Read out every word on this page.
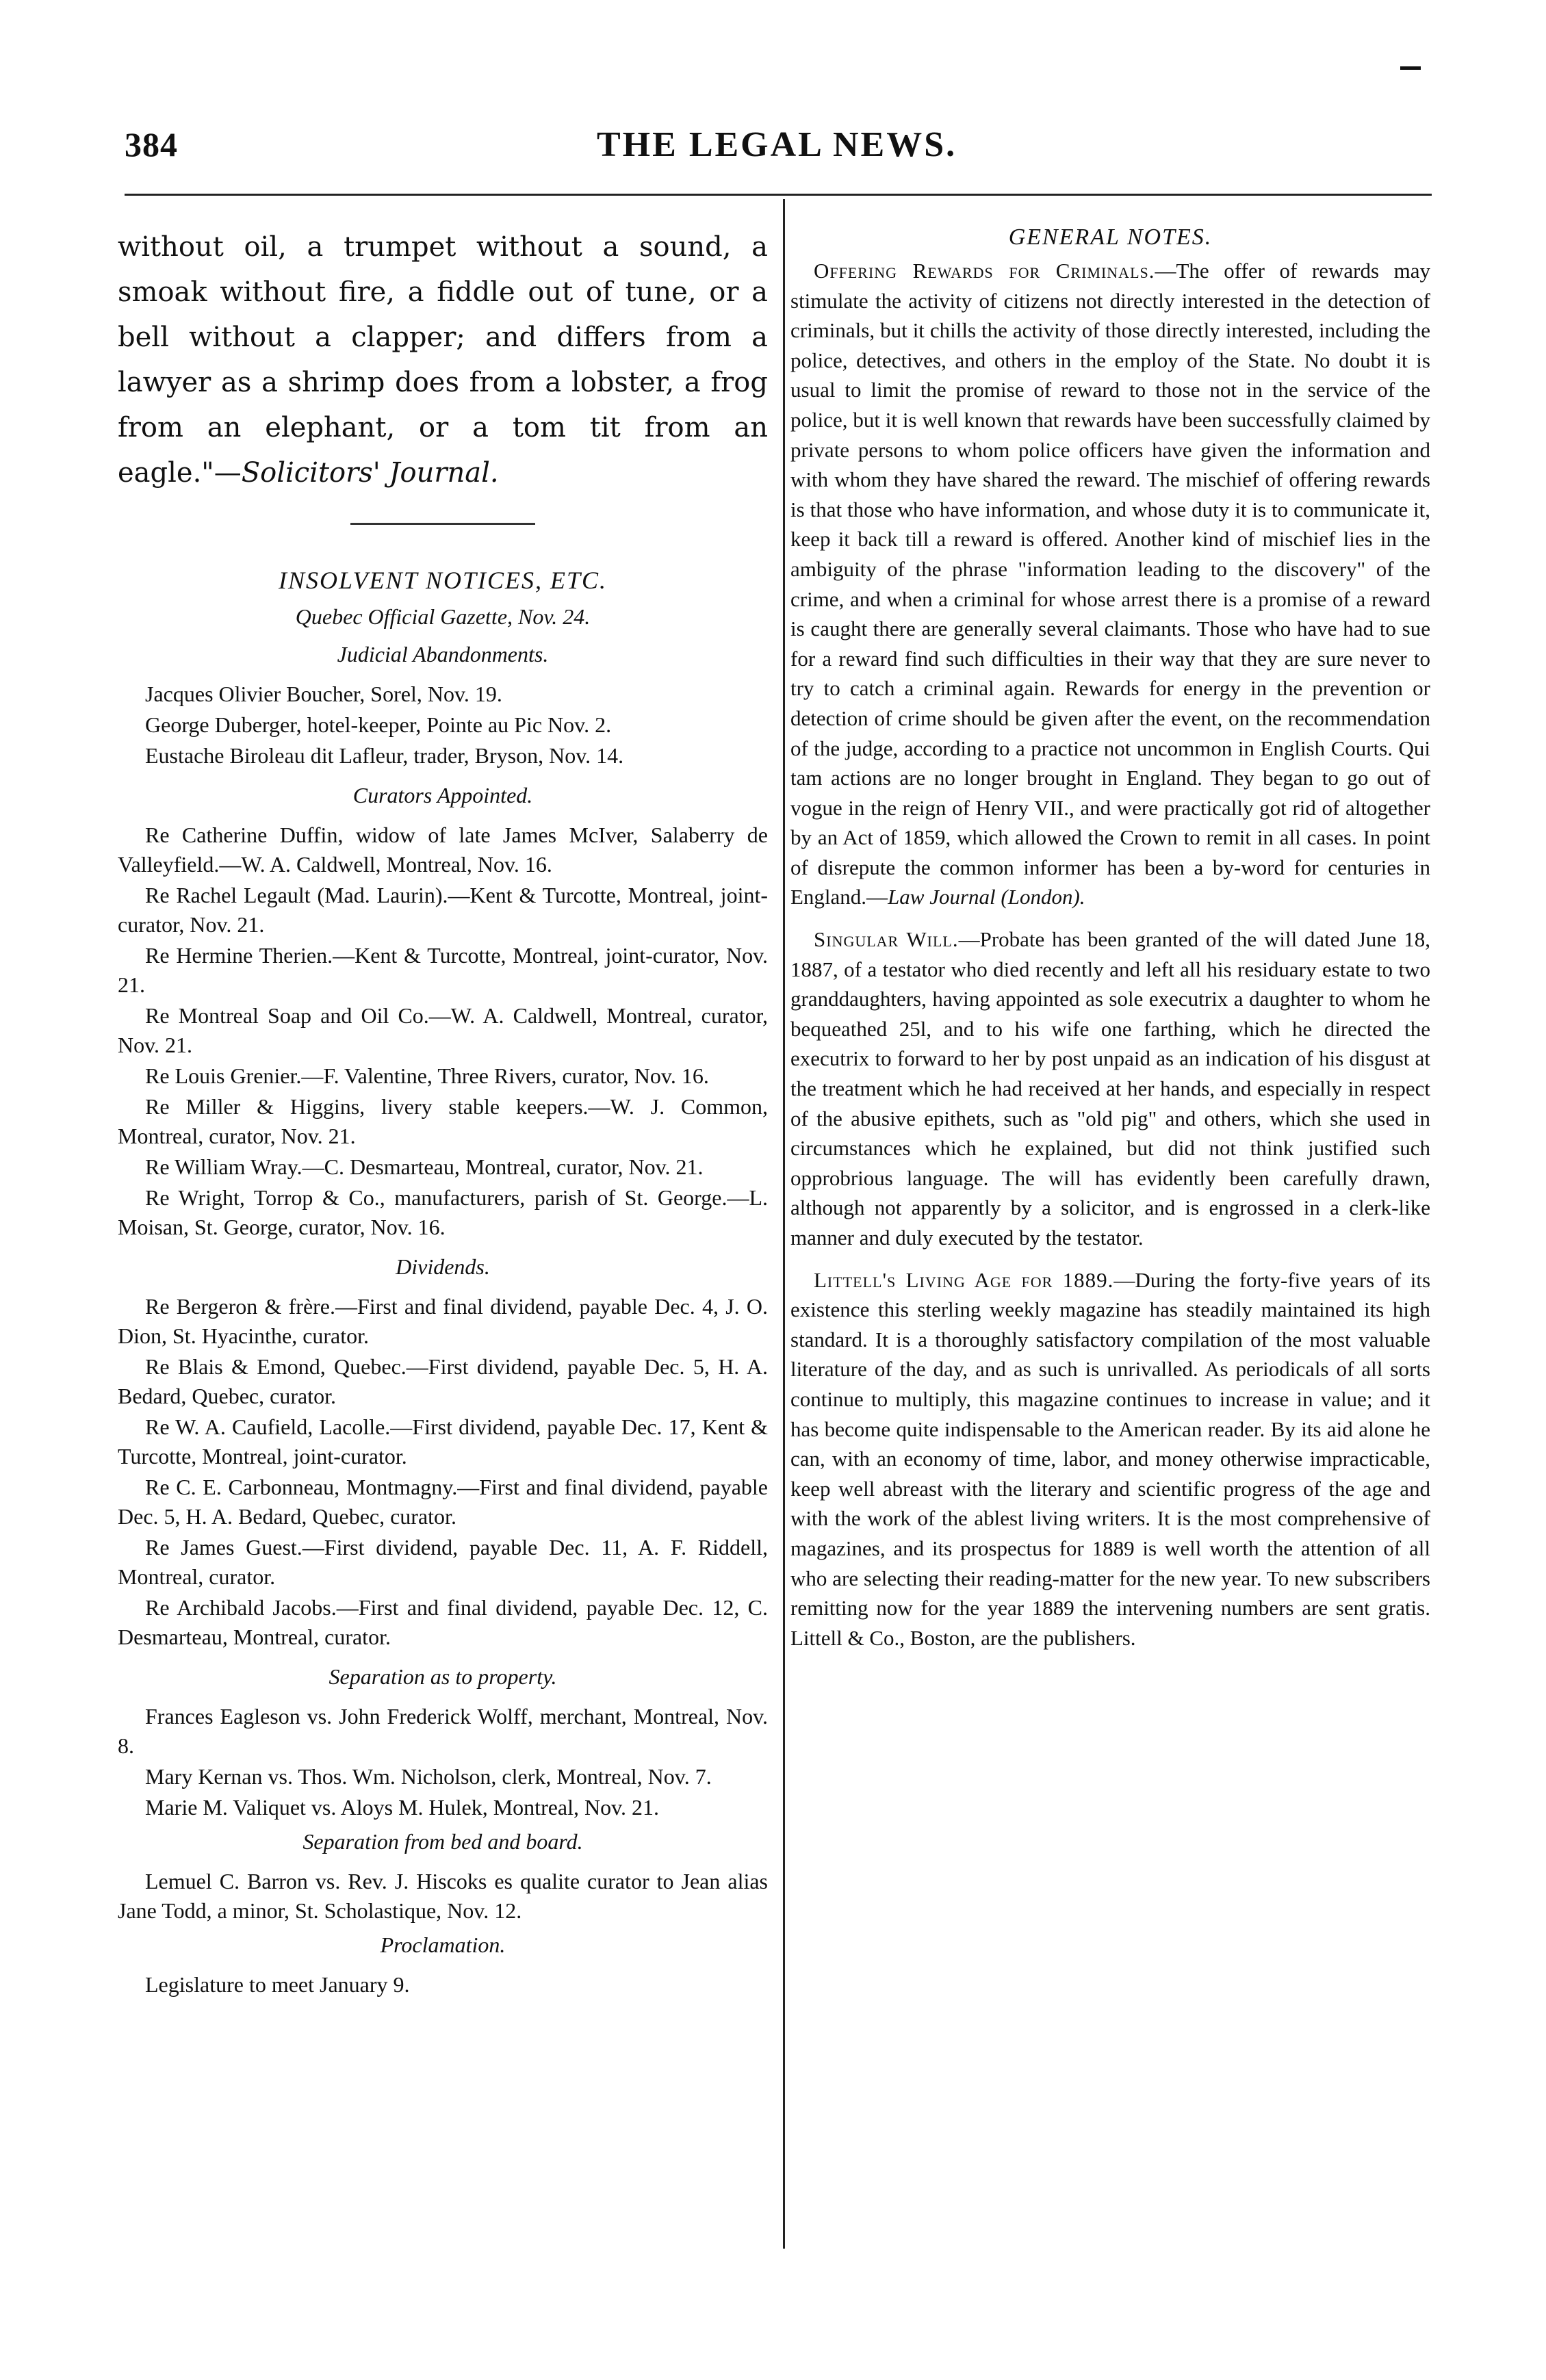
384	THE LEGAL NEWS.

without oil, a trumpet without a sound, a smoak without fire, a fiddle out of tune, or a bell without a clapper; and differs from a lawyer as a shrimp does from a lobster, a frog from an elephant, or a tom tit from an eagle."—Solicitors' Journal.

INSOLVENT NOTICES, ETC.

Quebec Official Gazette, Nov. 24.

Judicial Abandonments.

Jacques Olivier Boucher, Sorel, Nov. 19.

George Duberger, hotel-keeper, Pointe au Pic Nov. 2.

Eustache Biroleau dit Lafleur, trader, Bryson, Nov. 14.

Curators Appointed.

Re Catherine Duffin, widow of late James McIver, Salaberry de Valleyfield.—W. A. Caldwell, Montreal, Nov. 16.

Re Rachel Legault (Mad. Laurin).—Kent & Turcotte, Montreal, joint-curator, Nov. 21.

Re Hermine Therien.—Kent & Turcotte, Montreal, joint-curator, Nov. 21.

Re Montreal Soap and Oil Co.—W. A. Caldwell, Montreal, curator, Nov. 21.

Re Louis Grenier.—F. Valentine, Three Rivers, curator, Nov. 16.

Re Miller & Higgins, livery stable keepers.—W. J. Common, Montreal, curator, Nov. 21.

Re William Wray.—C. Desmarteau, Montreal, curator, Nov. 21.

Re Wright, Torrop & Co., manufacturers, parish of St. George.—L. Moisan, St. George, curator, Nov. 16.

Dividends.

Re Bergeron & frère.—First and final dividend, payable Dec. 4, J. O. Dion, St. Hyacinthe, curator.

Re Blais & Emond, Quebec.—First dividend, payable Dec. 5, H. A. Bedard, Quebec, curator.

Re W. A. Caufield, Lacolle.—First dividend, payable Dec. 17, Kent & Turcotte, Montreal, joint-curator.

Re C. E. Carbonneau, Montmagny.—First and final dividend, payable Dec. 5, H. A. Bedard, Quebec, curator.

Re James Guest.—First dividend, payable Dec. 11, A. F. Riddell, Montreal, curator.

Re Archibald Jacobs.—First and final dividend, payable Dec. 12, C. Desmarteau, Montreal, curator.

Separation as to property.

Frances Eagleson vs. John Frederick Wolff, merchant, Montreal, Nov. 8.

Mary Kernan vs. Thos. Wm. Nicholson, clerk, Montreal, Nov. 7.

Marie M. Valiquet vs. Aloys M. Hulek, Montreal, Nov. 21.

Separation from bed and board.

Lemuel C. Barron vs. Rev. J. Hiscoks es qualite curator to Jean alias Jane Todd, a minor, St. Scholastique, Nov. 12.

Proclamation.

Legislature to meet January 9.

GENERAL NOTES.

Offering Rewards for Criminals.—The offer of rewards may stimulate the activity of citizens not directly interested in the detection of criminals, but it chills the activity of those directly interested, including the police, detectives, and others in the employ of the State. No doubt it is usual to limit the promise of reward to those not in the service of the police, but it is well known that rewards have been successfully claimed by private persons to whom police officers have given the information and with whom they have shared the reward. The mischief of offering rewards is that those who have information, and whose duty it is to communicate it, keep it back till a reward is offered. Another kind of mischief lies in the ambiguity of the phrase "information leading to the discovery" of the crime, and when a criminal for whose arrest there is a promise of a reward is caught there are generally several claimants. Those who have had to sue for a reward find such difficulties in their way that they are sure never to try to catch a criminal again. Rewards for energy in the prevention or detection of crime should be given after the event, on the recommendation of the judge, according to a practice not uncommon in English Courts. Qui tam actions are no longer brought in England. They began to go out of vogue in the reign of Henry VII., and were practically got rid of altogether by an Act of 1859, which allowed the Crown to remit in all cases. In point of disrepute the common informer has been a by-word for centuries in England.—Law Journal (London).

Singular Will.—Probate has been granted of the will dated June 18, 1887, of a testator who died recently and left all his residuary estate to two granddaughters, having appointed as sole executrix a daughter to whom he bequeathed 25l, and to his wife one farthing, which he directed the executrix to forward to her by post unpaid as an indication of his disgust at the treatment which he had received at her hands, and especially in respect of the abusive epithets, such as "old pig" and others, which she used in circumstances which he explained, but did not think justified such opprobrious language. The will has evidently been carefully drawn, although not apparently by a solicitor, and is engrossed in a clerk-like manner and duly executed by the testator.

Littell's Living Age for 1889.—During the forty-five years of its existence this sterling weekly magazine has steadily maintained its high standard. It is a thoroughly satisfactory compilation of the most valuable literature of the day, and as such is unrivalled. As periodicals of all sorts continue to multiply, this magazine continues to increase in value; and it has become quite indispensable to the American reader. By its aid alone he can, with an economy of time, labor, and money otherwise impracticable, keep well abreast with the literary and scientific progress of the age and with the work of the ablest living writers. It is the most comprehensive of magazines, and its prospectus for 1889 is well worth the attention of all who are selecting their reading-matter for the new year. To new subscribers remitting now for the year 1889 the intervening numbers are sent gratis. Littell & Co., Boston, are the publishers.
